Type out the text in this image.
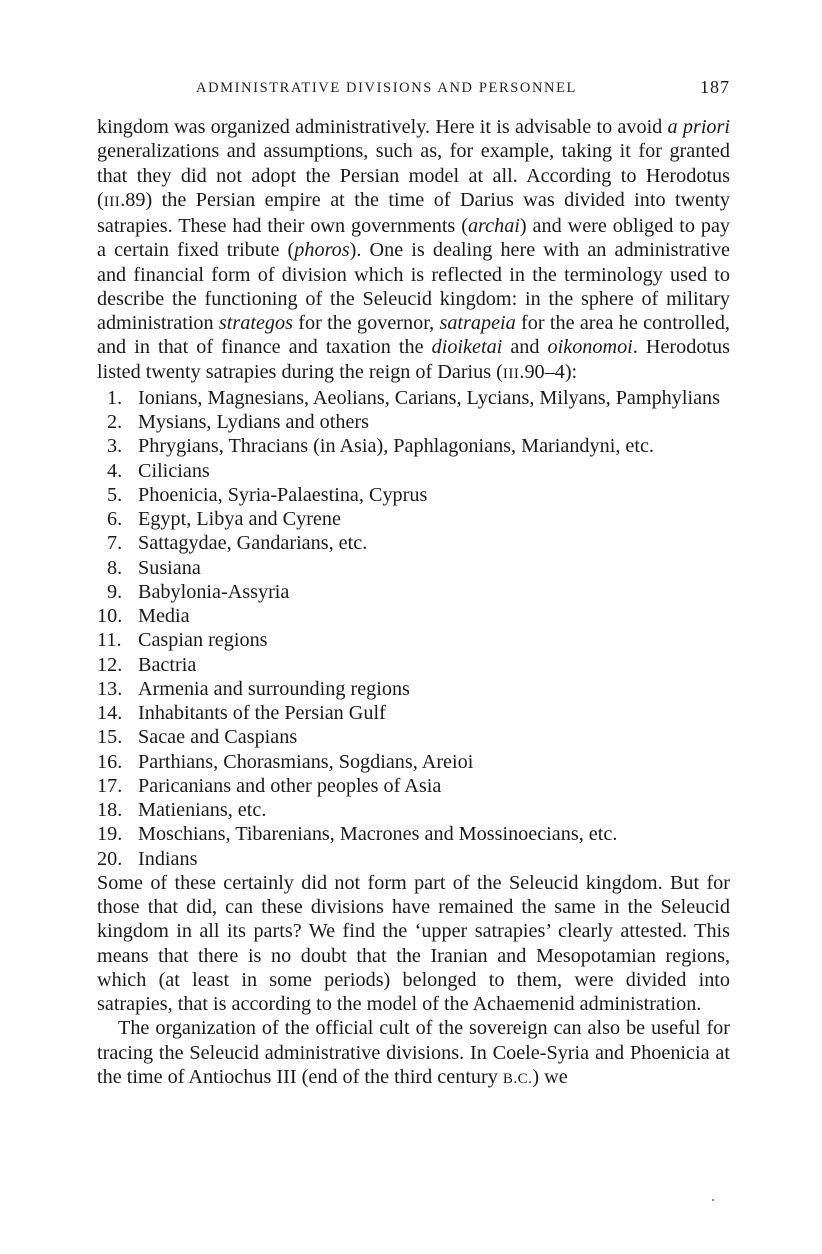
ADMINISTRATIVE DIVISIONS AND PERSONNEL	187

kingdom was organized administratively. Here it is advisable to avoid a priori generalizations and assumptions, such as, for example, taking it for granted that they did not adopt the Persian model at all. According to Herodotus (III.89) the Persian empire at the time of Darius was divided into twenty satrapies. These had their own governments (archai) and were obliged to pay a certain fixed tribute (phoros). One is dealing here with an administrative and financial form of division which is reflected in the terminology used to describe the functioning of the Seleucid kingdom: in the sphere of military administration strategos for the governor, satrapeia for the area he controlled, and in that of finance and taxation the dioiketai and oikonomoi. Herodotus listed twenty satrapies during the reign of Darius (III.90–4):

1. Ionians, Magnesians, Aeolians, Carians, Lycians, Milyans, Pamphylians
2. Mysians, Lydians and others
3. Phrygians, Thracians (in Asia), Paphlagonians, Mariandyni, etc.
4. Cilicians
5. Phoenicia, Syria-Palaestina, Cyprus
6. Egypt, Libya and Cyrene
7. Sattagydae, Gandarians, etc.
8. Susiana
9. Babylonia-Assyria
10. Media
11. Caspian regions
12. Bactria
13. Armenia and surrounding regions
14. Inhabitants of the Persian Gulf
15. Sacae and Caspians
16. Parthians, Chorasmians, Sogdians, Areioi
17. Paricanians and other peoples of Asia
18. Matienians, etc.
19. Moschians, Tibarenians, Macrones and Mossinoecians, etc.
20. Indians

Some of these certainly did not form part of the Seleucid kingdom. But for those that did, can these divisions have remained the same in the Seleucid kingdom in all its parts? We find the ‘upper satrapies’ clearly attested. This means that there is no doubt that the Iranian and Mesopotamian regions, which (at least in some periods) belonged to them, were divided into satrapies, that is according to the model of the Achaemenid administration.

The organization of the official cult of the sovereign can also be useful for tracing the Seleucid administrative divisions. In Coele-Syria and Phoenicia at the time of Antiochus III (end of the third century B.C.) we
